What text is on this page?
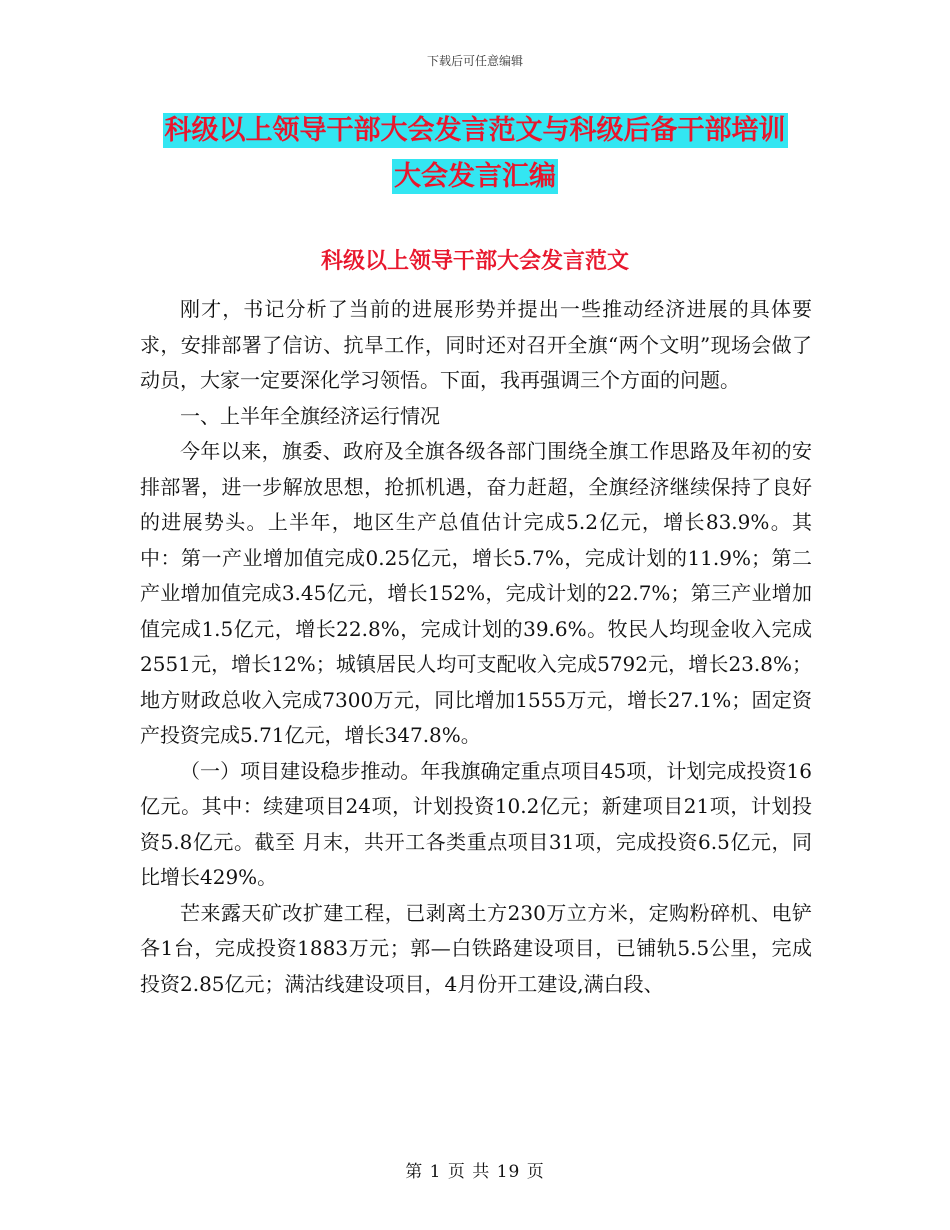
下载后可任意编辑
科级以上领导干部大会发言范文与科级后备干部培训
大会发言汇编
科级以上领导干部大会发言范文

刚才，书记分析了当前的进展形势并提出一些推动经济进展的具体要求，安排部署了信访、抗旱工作，同时还对召开全旗“两个文明”现场会做了动员，大家一定要深化学习领悟。下面，我再强调三个方面的问题。

一、上半年全旗经济运行情况

今年以来，旗委、政府及全旗各级各部门围绕全旗工作思路及年初的安排部署，进一步解放思想，抢抓机遇，奋力赶超，全旗经济继续保持了良好的进展势头。上半年，地区生产总值估计完成5.2亿元，增长83.9%。其中：第一产业增加值完成0.25亿元，增长5.7%，完成计划的11.9%；第二产业增加值完成3.45亿元，增长152%，完成计划的22.7%；第三产业增加值完成1.5亿元，增长22.8%，完成计划的39.6%。牧民人均现金收入完成2551元，增长12%；城镇居民人均可支配收入完成5792元，增长23.8%；地方财政总收入完成7300万元，同比增加1555万元，增长27.1%；固定资产投资完成5.71亿元，增长347.8%。

（一）项目建设稳步推动。年我旗确定重点项目45项，计划完成投资16亿元。其中：续建项目24项，计划投资10.2亿元；新建项目21项，计划投资5.8亿元。截至 月末，共开工各类重点项目31项，完成投资6.5亿元，同比增长429%。

芒来露天矿改扩建工程，已剥离土方230万立方米，定购粉碎机、电铲各1台，完成投资1883万元；郭—白铁路建设项目，已铺轨5.5公里，完成投资2.85亿元；满沽线建设项目，4月份开工建设,满白段、

第 1 页 共 19 页
